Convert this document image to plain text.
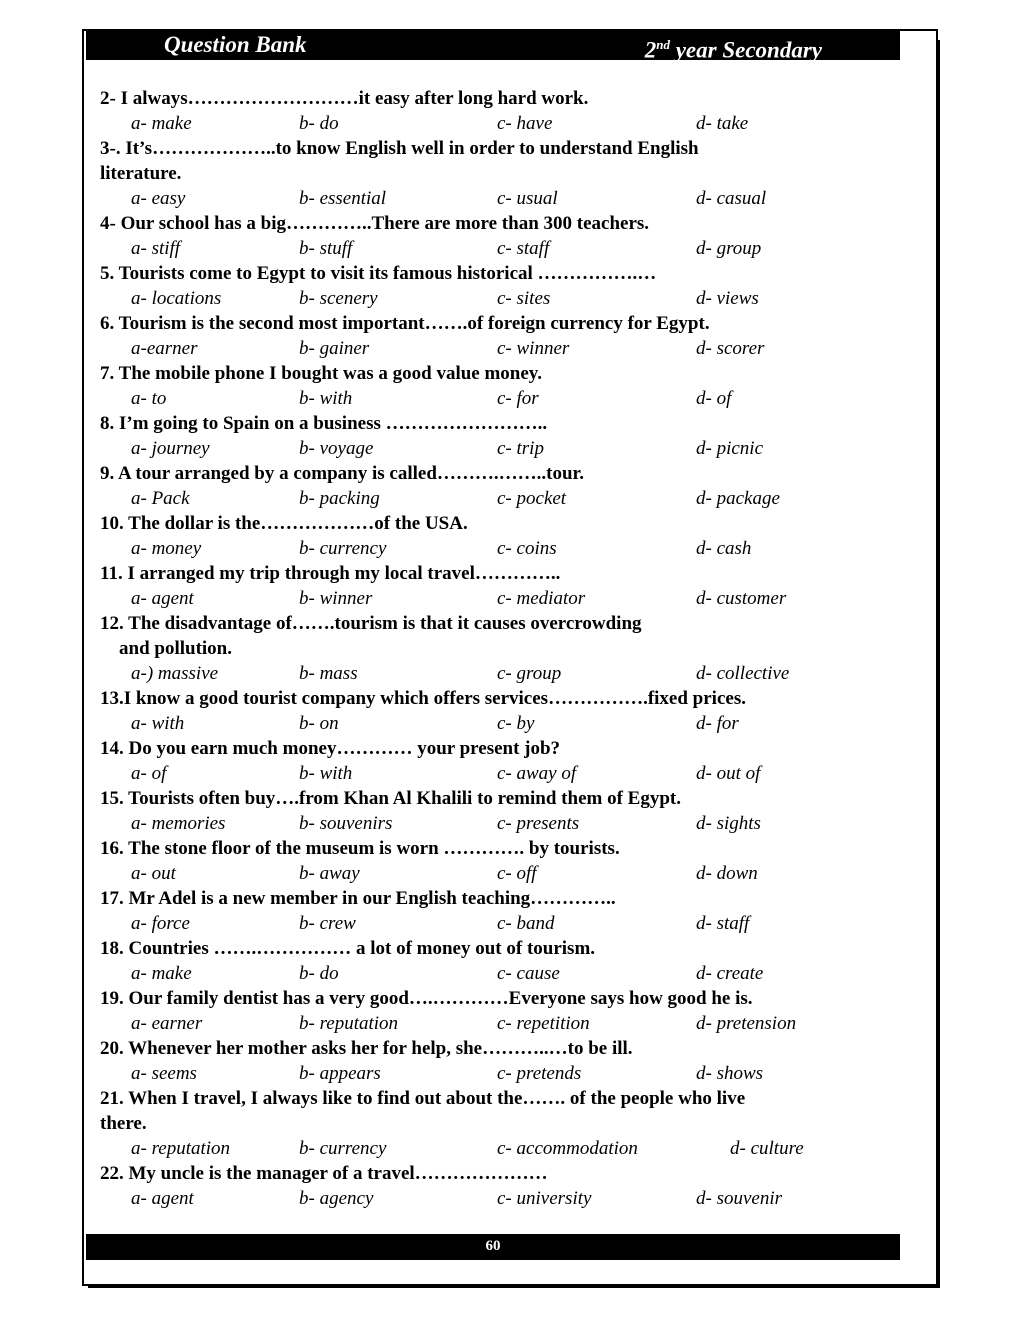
Question Bank	2nd year Secondary
2- I always………………………it easy after long hard work.
a- make	b- do	c- have	d- take
3-. It’s………………..to know English well in order to understand English
literature.
a- easy	b- essential	c- usual	d- casual
4- Our school has a big…………..There are more than 300 teachers.
a- stiff	b- stuff	c- staff	d- group
5. Tourists come to Egypt to visit its famous historical …………….…
a- locations	b- scenery	c- sites	d- views
6. Tourism is the second most important…….of foreign currency for Egypt.
a-earner	b- gainer	c- winner	d- scorer
7. The mobile phone I bought was a good value money.
a- to	b- with	c- for	d- of
8. I’m going to Spain on a business ……………………..
a- journey	b- voyage	c- trip	d- picnic
9. A tour arranged by a company is called……….……..tour.
a- Pack	b- packing	c- pocket	d- package
10. The dollar is the………………of the USA.
a- money	b- currency	c- coins	d- cash
11. I arranged my trip through my local travel…………..
a- agent	b- winner	c- mediator	d- customer
12. The disadvantage of…….tourism is that it causes overcrowding
and pollution.
a-) massive	b- mass	c- group	d- collective
13.I know a good tourist company which offers services…………….fixed prices.
a- with	b- on	c- by	d- for
14. Do you earn much money………… your present job?
a- of	b- with	c- away of	d- out of
15. Tourists often buy….from Khan Al Khalili to remind them of Egypt.
a- memories	b- souvenirs	c- presents	d- sights
16. The stone floor of the museum is worn …………. by tourists.
a- out	b- away	c- off	d- down
17. Mr Adel is a new member in our English teaching…………..
a- force	b- crew	c- band	d- staff
18. Countries …….…………… a lot of money out of tourism.
a- make	b- do	c- cause	d- create
19. Our family dentist has a very good….…………Everyone says how good he is.
a- earner	b- reputation	c- repetition	d- pretension
20. Whenever her mother asks her for help, she………..…to be ill.
a- seems	b- appears	c- pretends	d- shows
21. When I travel, I always like to find out about the……. of the people who live
there.
a- reputation	b- currency	c- accommodation	d- culture
22. My uncle is the manager of a travel…………………
a- agent	b- agency	c- university	d- souvenir
60
